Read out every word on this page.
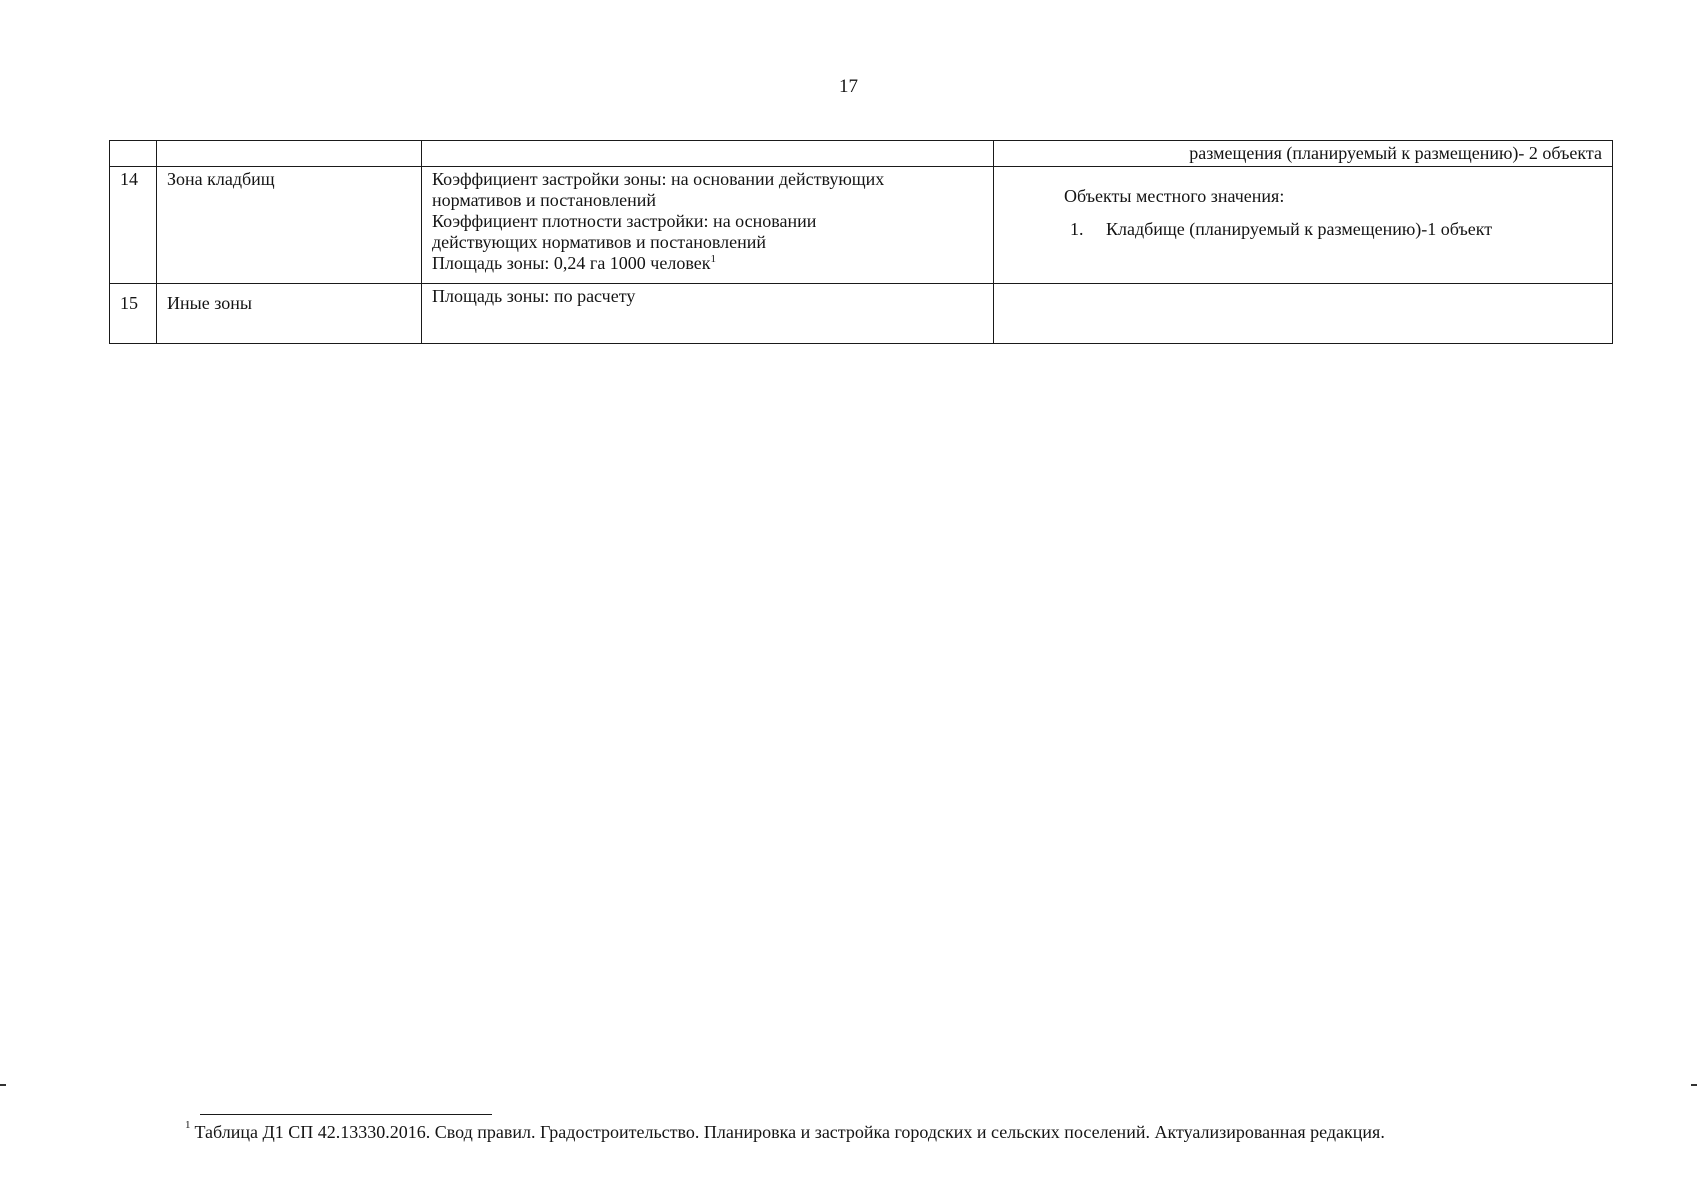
17
			размещения (планируемый к размещению)- 2 объекта
14	Зона кладбищ	Коэффициент застройки зоны: на основании действующих
нормативов и постановлений
Коэффициент плотности застройки: на основании
действующих нормативов и постановлений
Площадь зоны: 0,24 га 1000 человек$^1$	Объекты местного значения:
1. Кладбище (планируемый к размещению)-1 объект

15	Иные зоны	Площадь зоны: по расчету	

$^1$ Таблица Д1 СП 42.13330.2016. Свод правил. Градостроительство. Планировка и застройка городских и сельских поселений. Актуализированная редакция.
